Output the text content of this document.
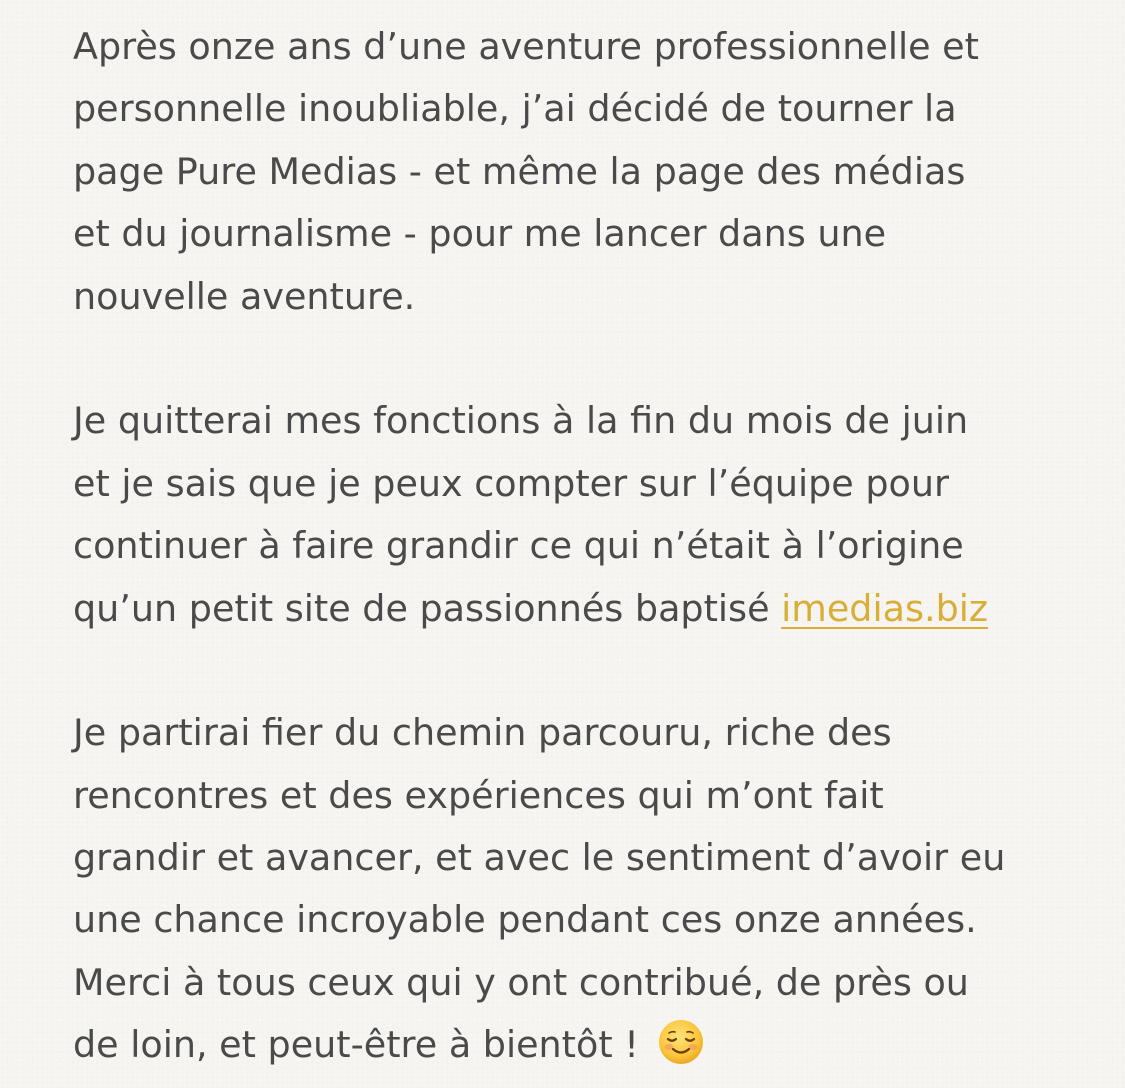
Après onze ans d’une aventure professionnelle et
personnelle inoubliable, j’ai décidé de tourner la
page Pure Medias - et même la page des médias
et du journalisme - pour me lancer dans une
nouvelle aventure.
Je quitterai mes fonctions à la fin du mois de juin
et je sais que je peux compter sur l’équipe pour
continuer à faire grandir ce qui n’était à l’origine
qu’un petit site de passionnés baptisé imedias.biz
Je partirai fier du chemin parcouru, riche des
rencontres et des expériences qui m’ont fait
grandir et avancer, et avec le sentiment d’avoir eu
une chance incroyable pendant ces onze années.
Merci à tous ceux qui y ont contribué, de près ou
de loin, et peut-être à bientôt !
